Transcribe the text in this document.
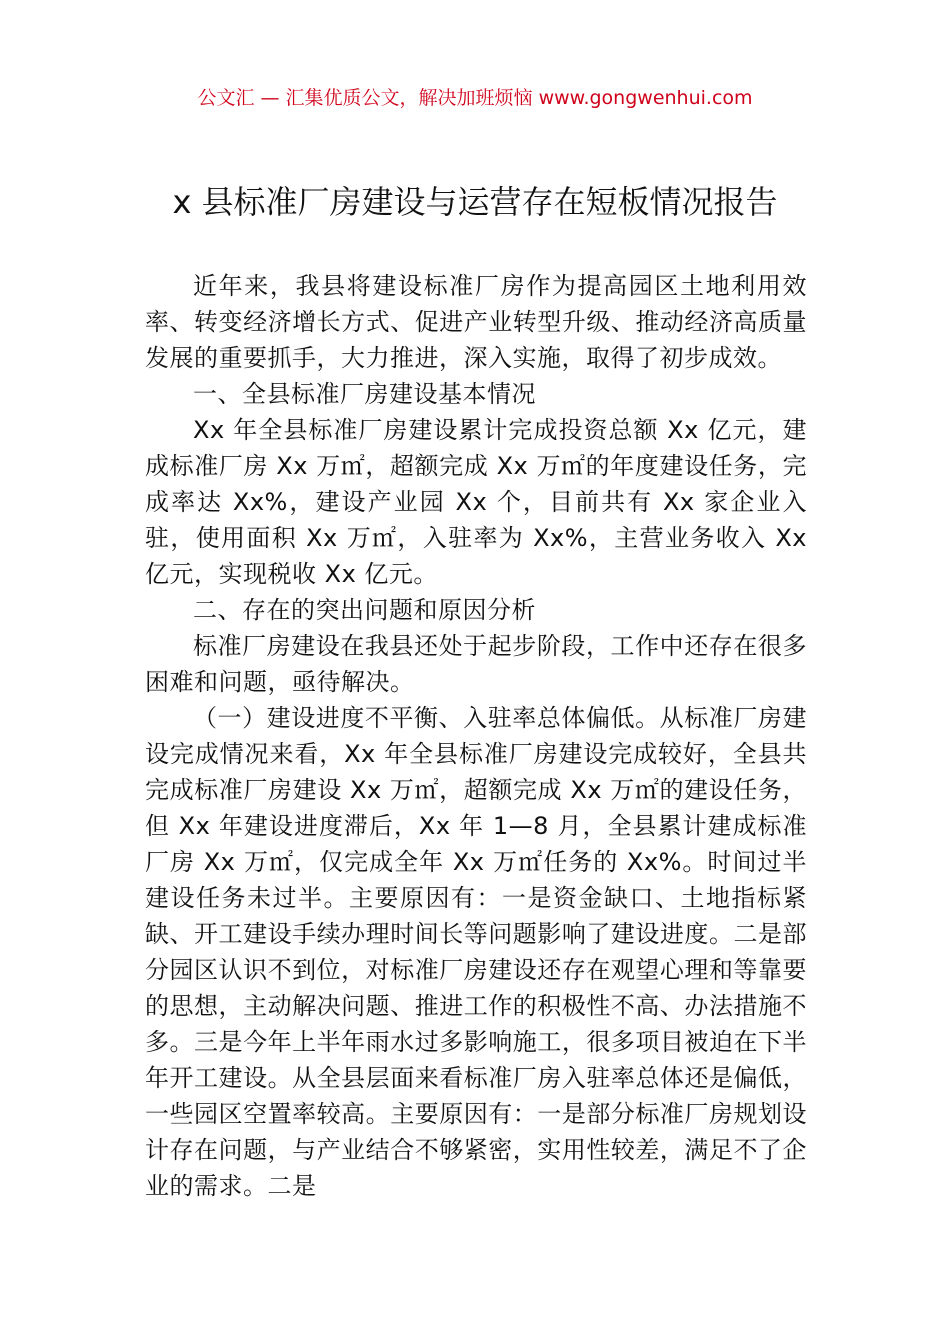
公文汇 — 汇集优质公文，解决加班烦恼 www.gongwenhui.com
x 县标准厂房建设与运营存在短板情况报告

近年来，我县将建设标准厂房作为提高园区土地利用效率、转变经济增长方式、促进产业转型升级、推动经济高质量发展的重要抓手，大力推进，深入实施，取得了初步成效。

一、全县标准厂房建设基本情况

Xx 年全县标准厂房建设累计完成投资总额 Xx 亿元，建成标准厂房 Xx 万㎡，超额完成 Xx 万㎡的年度建设任务，完成率达 Xx%，建设产业园 Xx 个，目前共有 Xx 家企业入驻，使用面积 Xx 万㎡，入驻率为 Xx%，主营业务收入 Xx 亿元，实现税收 Xx 亿元。

二、存在的突出问题和原因分析

标准厂房建设在我县还处于起步阶段，工作中还存在很多困难和问题，亟待解决。

（一）建设进度不平衡、入驻率总体偏低。从标准厂房建设完成情况来看，Xx 年全县标准厂房建设完成较好，全县共完成标准厂房建设 Xx 万㎡，超额完成 Xx 万㎡的建设任务，但 Xx 年建设进度滞后，Xx 年 1—8 月，全县累计建成标准厂房 Xx 万㎡，仅完成全年 Xx 万㎡任务的 Xx%。时间过半建设任务未过半。主要原因有：一是资金缺口、土地指标紧缺、开工建设手续办理时间长等问题影响了建设进度。二是部分园区认识不到位，对标准厂房建设还存在观望心理和等靠要的思想，主动解决问题、推进工作的积极性不高、办法措施不多。三是今年上半年雨水过多影响施工，很多项目被迫在下半年开工建设。从全县层面来看标准厂房入驻率总体还是偏低，一些园区空置率较高。主要原因有：一是部分标准厂房规划设计存在问题，与产业结合不够紧密，实用性较差，满足不了企业的需求。二是
